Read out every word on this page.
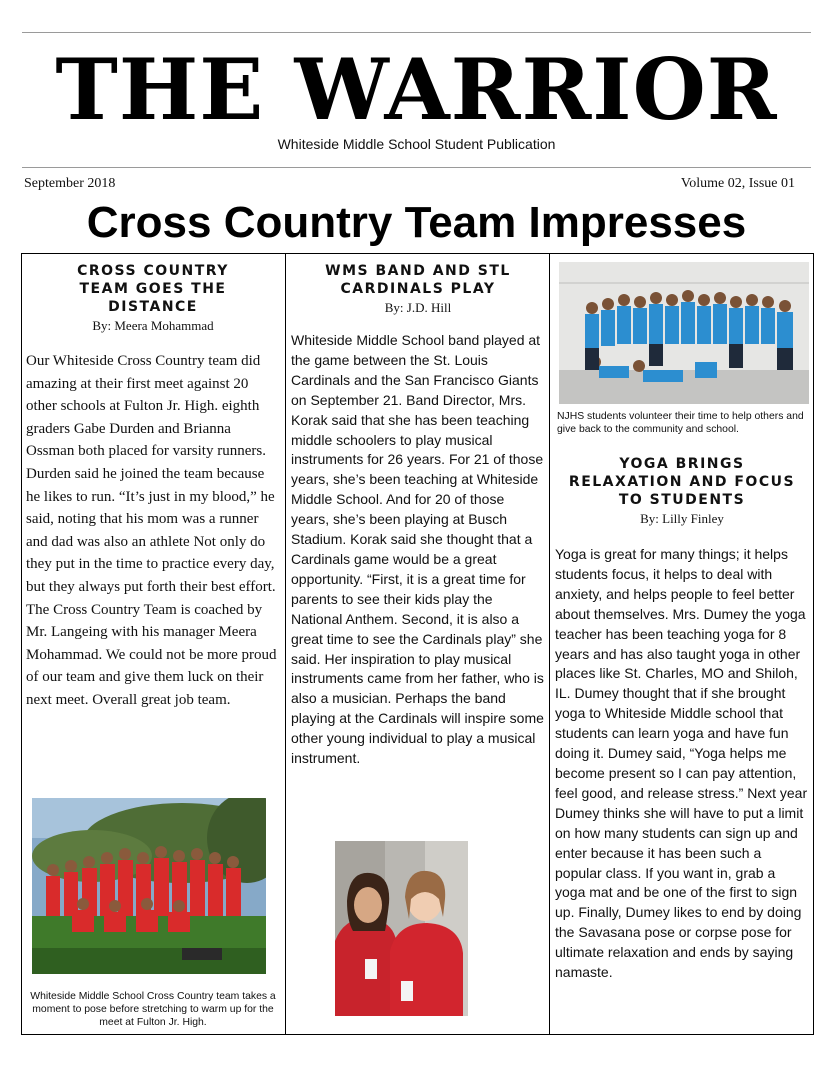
THE WARRIOR
Whiteside Middle School Student Publication
September 2018	Volume 02, Issue 01
Cross Country Team Impresses
CROSS COUNTRY TEAM GOES THE DISTANCE

By: Meera Mohammad

Our Whiteside Cross Country team did amazing at their first meet against 20 other schools at Fulton Jr. High. eighth graders Gabe Durden and Brianna Ossman both placed for varsity runners. Durden said he joined the team because he likes to run. “It’s just in my blood,” he said, noting that his mom was a runner and dad was also an athlete Not only do they put in the time to practice every day, but they always put forth their best effort. The Cross Country Team is coached by Mr. Langeing with his manager Meera Mohammad. We could not be more proud of our team and give them luck on their next meet. Overall great job team.

Whiteside Middle School Cross Country team takes a moment to pose before stretching to warm up for the meet at Fulton Jr. High.

WMS BAND AND STL CARDINALS PLAY

By: J.D. Hill

Whiteside Middle School band played at the game between the St. Louis Cardinals and the San Francisco Giants on September 21. Band Director, Mrs. Korak said that she has been teaching middle schoolers to play musical instruments for 26 years. For 21 of those years, she’s been teaching at Whiteside Middle School. And for 20 of those years, she’s been playing at Busch Stadium. Korak said she thought that a Cardinals game would be a great opportunity. “First, it is a great time for parents to see their kids play the National Anthem. Second, it is also a great time to see the Cardinals play” she said. Her inspiration to play musical instruments came from her father, who is also a musician. Perhaps the band playing at the Cardinals will inspire some other young individual to play a musical instrument.

NJHS students volunteer their time to help others and give back to the community and school.

YOGA BRINGS RELAXATION AND FOCUS TO STUDENTS

By: Lilly Finley

Yoga is great for many things; it helps students focus, it helps to deal with anxiety, and helps people to feel better about themselves. Mrs. Dumey the yoga teacher has been teaching yoga for 8 years and has also taught yoga in other places like St. Charles, MO and Shiloh, IL. Dumey thought that if she brought yoga to Whiteside Middle school that students can learn yoga and have fun doing it. Dumey said, “Yoga helps me become present so I can pay attention, feel good, and release stress.” Next year Dumey thinks she will have to put a limit on how many students can sign up and enter because it has been such a popular class. If you want in, grab a yoga mat and be one of the first to sign up. Finally, Dumey likes to end by doing the Savasana pose or corpse pose for ultimate relaxation and ends by saying namaste.
